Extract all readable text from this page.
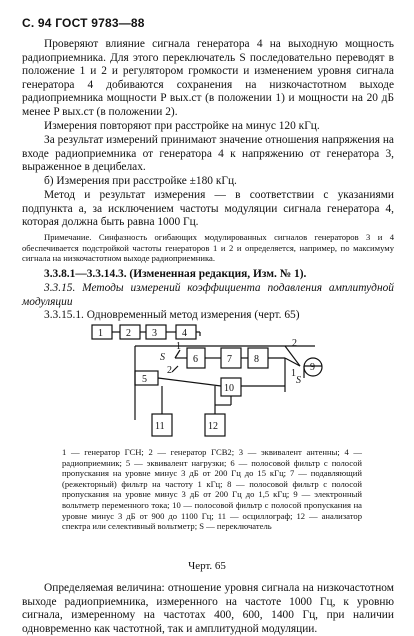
С. 94 ГОСТ 9783—88
Проверяют влияние сигнала генератора 4 на выходную мощность радиоприемника. Для этого переключатель S последовательно переводят в положение 1 и 2 и регулятором громкости и изменением уровня сигнала генератора 4 добиваются сохранения на низкочастотном выходе радиоприемника мощности P вых.ст (в положении 1) и мощности на 20 дБ менее P вых.ст (в положении 2).
Измерения повторяют при расстройке на минус 120 кГц.
За результат измерений принимают значение отношения напряжения на входе радиоприемника от генератора 4 к напряжению от генератора 3, выраженное в децибелах.
б) Измерения при расстройке ±180 кГц.
Метод и результат измерения — в соответствии с указаниями подпункта а, за исключением частоты модуляции сигнала генератора 4, которая должна быть равна 1000 Гц.
Примечание. Синфазность огибающих модулированных сигналов генераторов 3 и 4 обеспечивается подстройкой частоты генераторов 1 и 2 и определяется, например, по максимуму сигнала на низкочастотном выходе радиоприемника.
3.3.8.1—3.3.14.3. (Измененная редакция, Изм. № 1).
3.3.15. Методы измерений коэффициента подавления амплитудной модуляции
3.3.15.1. Одновременный метод измерения (черт. 65)
1 2 3	4
5
6	7 8
9
10
11	12
1
2
S
2
1
S
1 — генератор ГСН; 2 — генератор ГСВ2; 3 — эквивалент антенны; 4 — радиоприемник; 5 — эквивалент нагрузки; 6 — полосовой фильтр с полосой пропускания на уровне минус 3 дБ от 200 Гц до 15 кГц; 7 — подавляющий (режекторный) фильтр на частоту 1 кГц; 8 — полосовой фильтр с полосой пропускания на уровне минус 3 дБ от 200 Гц до 1,5 кГц; 9 — электронный вольтметр переменного тока; 10 — полосовой фильтр с полосой пропускания на уровне минус 3 дБ от 900 до 1100 Гц; 11 — осциллограф; 12 — анализатор спектра или селективный вольтметр; S — переключатель
Черт. 65
Определяемая величина: отношение уровня сигнала на низкочастотном выходе радиоприемника, измеренного на частоте 1000 Гц, к уровню сигнала, измеренному на частотах 400, 600, 1400 Гц, при наличии одновременно как частотной, так и амплитудной модуляции.
